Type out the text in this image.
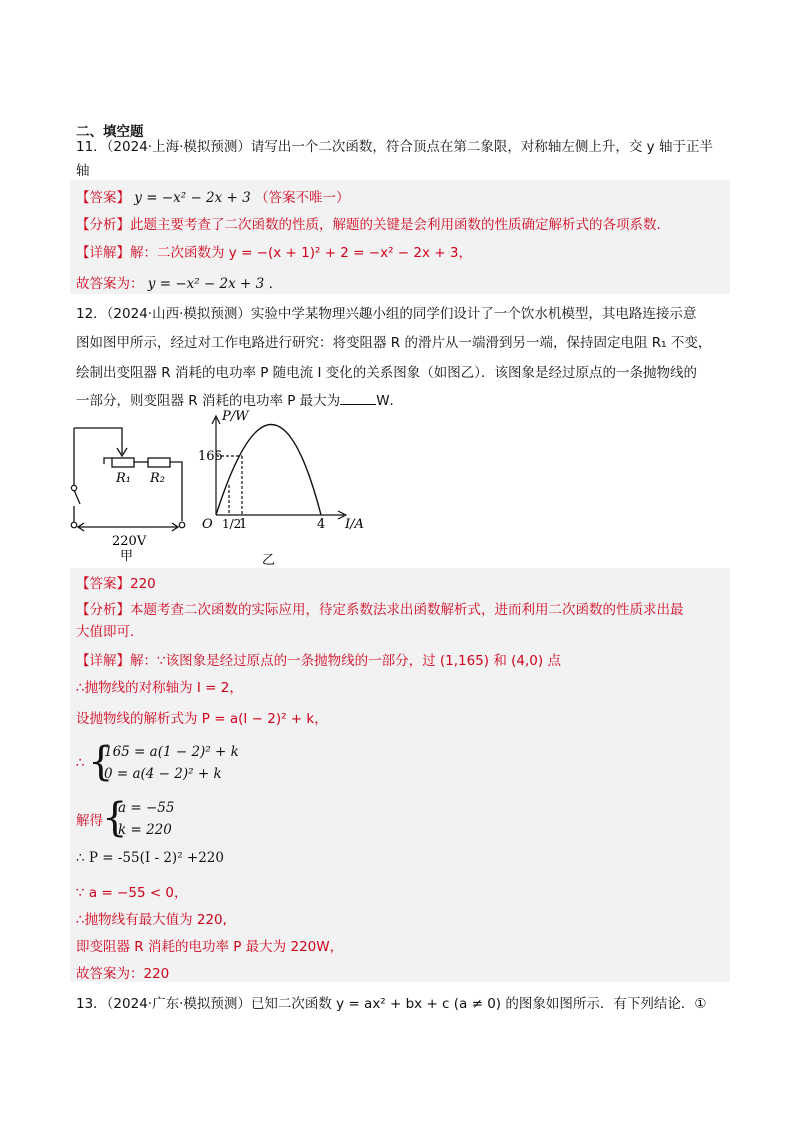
二、填空题
11．（2024·上海·模拟预测）请写出一个二次函数，符合顶点在第二象限，对称轴左侧上升，交 y 轴于正半
轴
【答案】 y = −x² − 2x + 3 （答案不唯一）
【分析】此题主要考查了二次函数的性质，解题的关键是会利用函数的性质确定解析式的各项系数．
【详解】解：二次函数为 y = −(x + 1)² + 2 = −x² − 2x + 3，
故答案为： y = −x² − 2x + 3 ．
12．（2024·山西·模拟预测）实验中学某物理兴趣小组的同学们设计了一个饮水机模型，其电路连接示意
图如图甲所示，经过对工作电路进行研究：将变阻器 R 的滑片从一端滑到另一端，保持固定电阻 R₁ 不变，
绘制出变阻器 R 消耗的电功率 P 随电流 I 变化的关系图象（如图乙）．该图象是经过原点的一条抛物线的
一部分，则变阻器 R 消耗的电功率 P 最大为	W．
R₁ R₂
220V
甲
P/W
I/A
165
O 1/2
1	4
乙
【答案】220
【分析】本题考查二次函数的实际应用，待定系数法求出函数解析式，进而利用二次函数的性质求出最
大值即可．
【详解】解：∵该图象是经过原点的一条抛物线的一部分，过 (1,165) 和 (4,0) 点
∴抛物线的对称轴为 I = 2，
设抛物线的解析式为 P = a(I − 2)² + k，
∴ {
165 = a(1 − 2)² + k
0 = a(4 − 2)² + k
解得 {
a = −55
k = 220
∴ P = -55(I - 2)² +220
∵ a = −55 < 0，
∴抛物线有最大值为 220,
即变阻器 R 消耗的电功率 P 最大为 220W，
故答案为：220
13．（2024·广东·模拟预测）已知二次函数 y = ax² + bx + c (a ≠ 0) 的图象如图所示．有下列结论．①
